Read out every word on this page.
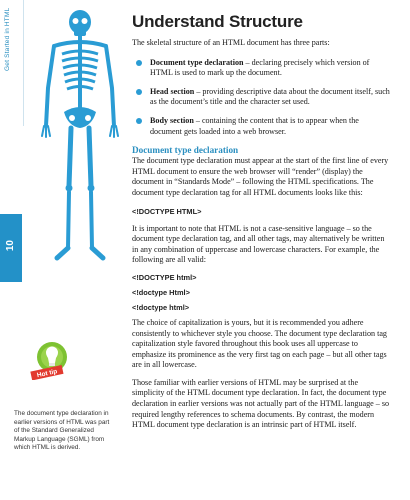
Get Started in HTML
10
Hot tip
The document type declaration in earlier versions of HTML was part of the Standard Generalized Markup Language (SGML) from which HTML is derived.
Understand Structure

The skeletal structure of an HTML document has three parts:

Document type declaration – declaring precisely which version of HTML is used to mark up the document.
Head section – providing descriptive data about the document itself, such as the document’s title and the character set used.
Body section – containing the content that is to appear when the document gets loaded into a web browser.
Document type declaration

The document type declaration must appear at the start of the first line of every HTML document to ensure the web browser will “render” (display) the document in “Standards Mode” – following the HTML specifications. The document type declaration tag for all HTML documents looks like this:

<!DOCTYPE HTML>

It is important to note that HTML is not a case-sensitive language – so the document type declaration tag, and all other tags, may alternatively be written in any combination of uppercase and lowercase characters. For example, the following are all valid:

<!DOCTYPE html>
<!doctype Html>
<!doctype html>

The choice of capitalization is yours, but it is recommended you adhere consistently to whichever style you choose. The document type declaration tag capitalization style favored throughout this book uses all uppercase to emphasize its prominence as the very first tag on each page – but all other tags are in all lowercase.

Those familiar with earlier versions of HTML may be surprised at the simplicity of the HTML document type declaration. In fact, the document type declaration in earlier versions was not actually part of the HTML language – so required lengthy references to schema documents. By contrast, the modern HTML document type declaration is an intrinsic part of HTML itself.
